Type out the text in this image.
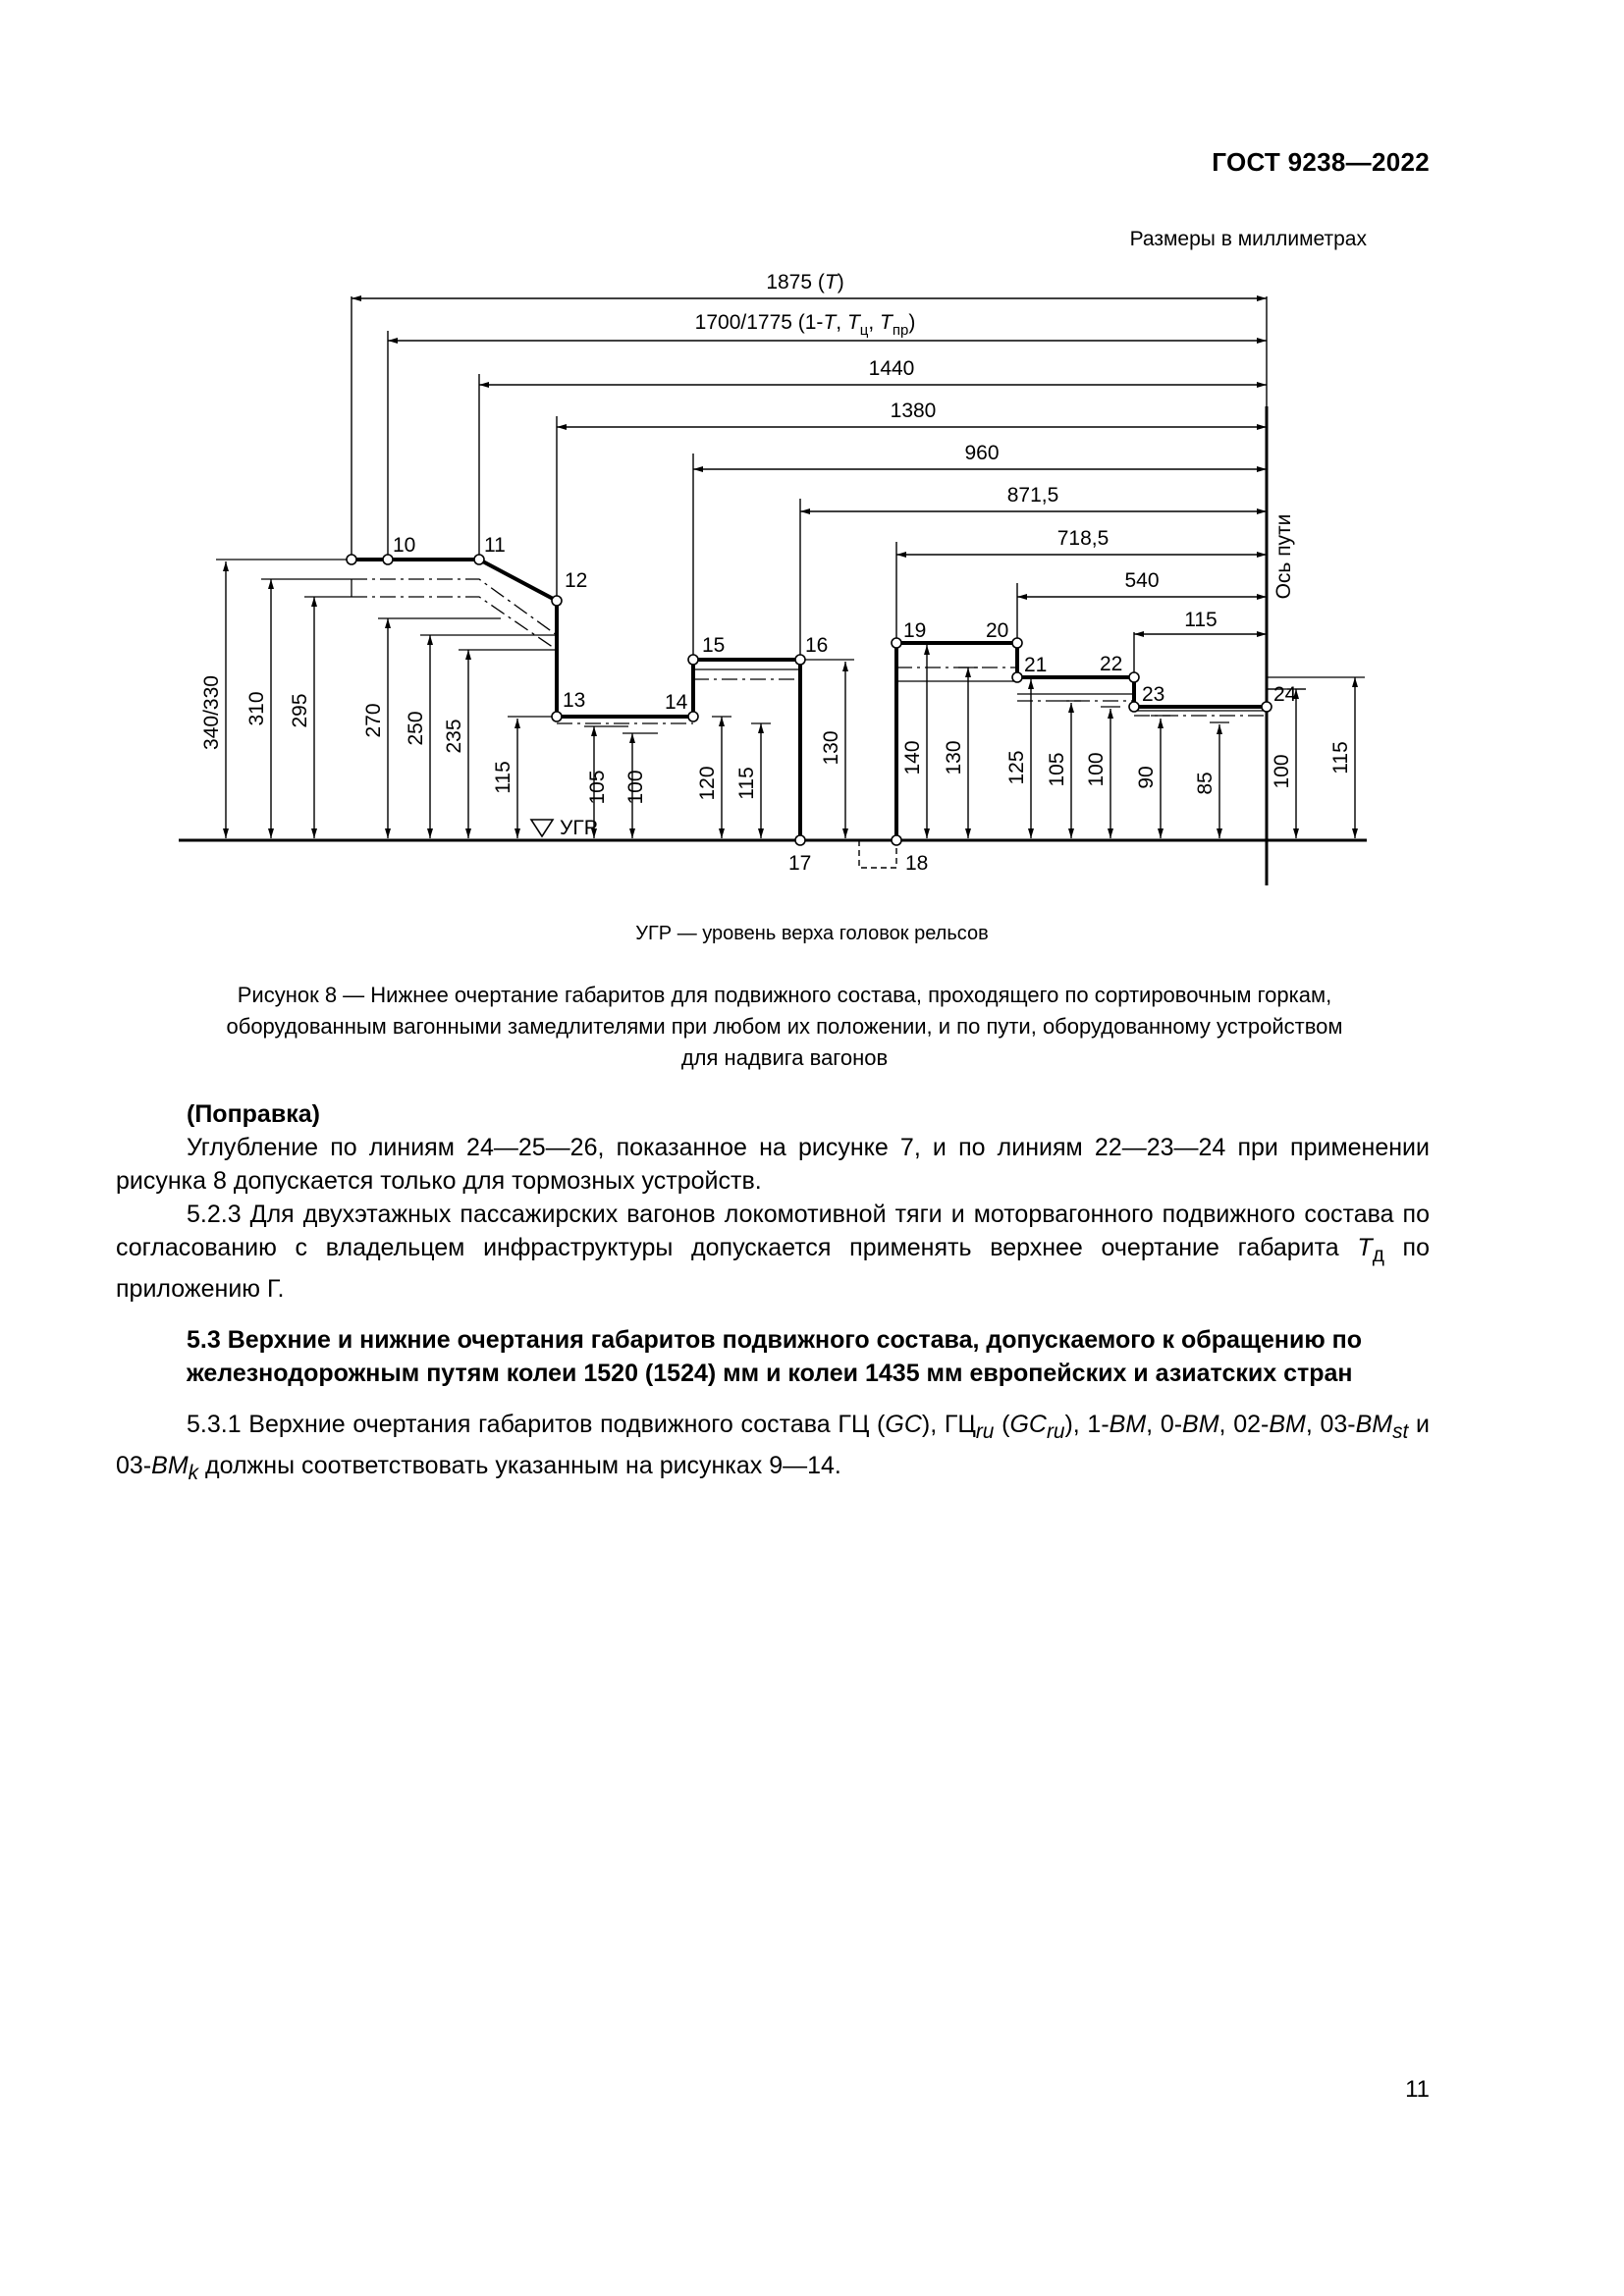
ГОСТ 9238—2022
Размеры в миллиметрах
1875 (T)
1700/1775 (1-T, $T_ц$, $T_{пр}$)
1440
1380
960
871,5
718,5
540
115
340/330 310 295 270 250 235
115	105 100 120 115
130	140 130 125 105 100 90 85	100 115
Ось пути
УГР
10	11
12
13	14
15	16
17	18
19	20
21	22
23	24
УГР — уровень верха головок рельсов
Рисунок 8 — Нижнее очертание габаритов для подвижного состава, проходящего по сортировочным горкам,
оборудованным вагонными замедлителями при любом их положении, и по пути, оборудованному устройством
для надвига вагонов

(Поправка)

Углубление по линиям 24—25—26, показанное на рисунке 7, и по линиям 22—23—24 при применении рисунка 8 допускается только для тормозных устройств.

5.2.3 Для двухэтажных пассажирских вагонов локомотивной тяги и моторвагонного подвижного состава по согласованию с владельцем инфраструктуры допускается применять верхнее очертание габарита $T_д$ по приложению Г.

5.3 Верхние и нижние очертания габаритов подвижного состава, допускаемого к обращению по железнодорожным путям колеи 1520 (1524) мм и колеи 1435 мм европейских и азиатских стран

5.3.1 Верхние очертания габаритов подвижного состава ГЦ (GC), $ГЦ_{ru}$ $(GC_{ru})$, 1-BM, 0-BM, 02-BM, $03-BM_{st}$ и $03-BM_k$ должны соответствовать указанным на рисунках 9—14.

11
